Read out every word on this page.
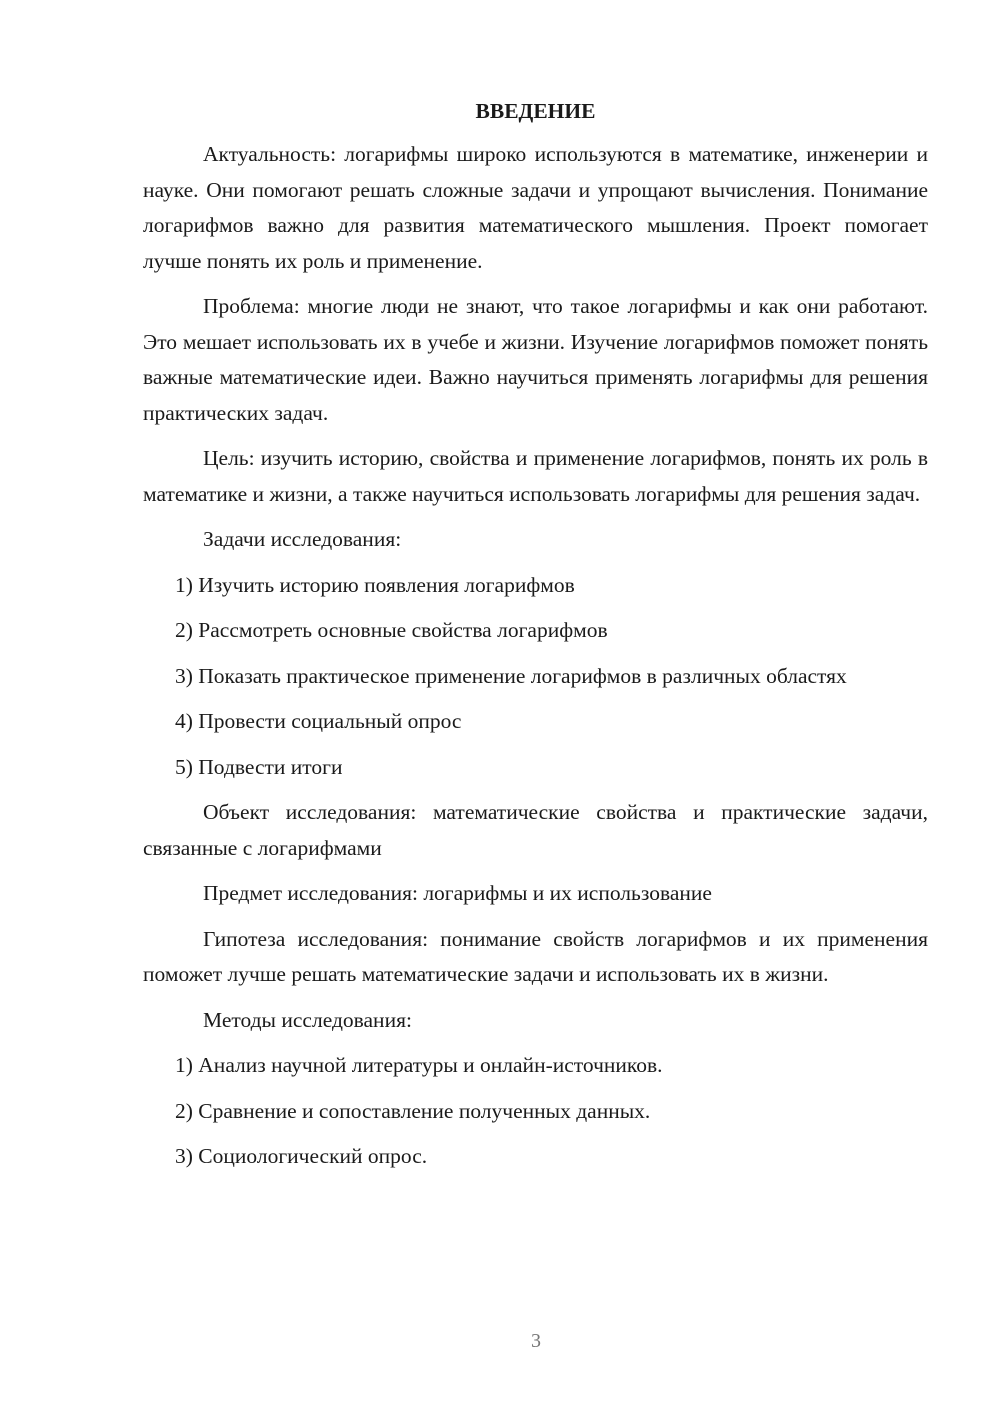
ВВЕДЕНИЕ

Актуальность: логарифмы широко используются в математике, инженерии и науке. Они помогают решать сложные задачи и упрощают вычисления. Понимание логарифмов важно для развития математического мышления. Проект помогает лучше понять их роль и применение.

Проблема: многие люди не знают, что такое логарифмы и как они работают. Это мешает использовать их в учебе и жизни. Изучение логарифмов поможет понять важные математические идеи. Важно научиться применять логарифмы для решения практических задач.

Цель: изучить историю, свойства и применение логарифмов, понять их роль в математике и жизни, а также научиться использовать логарифмы для решения задач.

Задачи исследования:

1) Изучить историю появления логарифмов

2) Рассмотреть основные свойства логарифмов

3) Показать практическое применение логарифмов в различных областях

4) Провести социальный опрос

5) Подвести итоги

Объект исследования: математические свойства и практические задачи, связанные с логарифмами

Предмет исследования: логарифмы и их использование

Гипотеза исследования: понимание свойств логарифмов и их применения поможет лучше решать математические задачи и использовать их в жизни.

Методы исследования:

1) Анализ научной литературы и онлайн-источников.

2) Сравнение и сопоставление полученных данных.

3) Социологический опрос.

3
